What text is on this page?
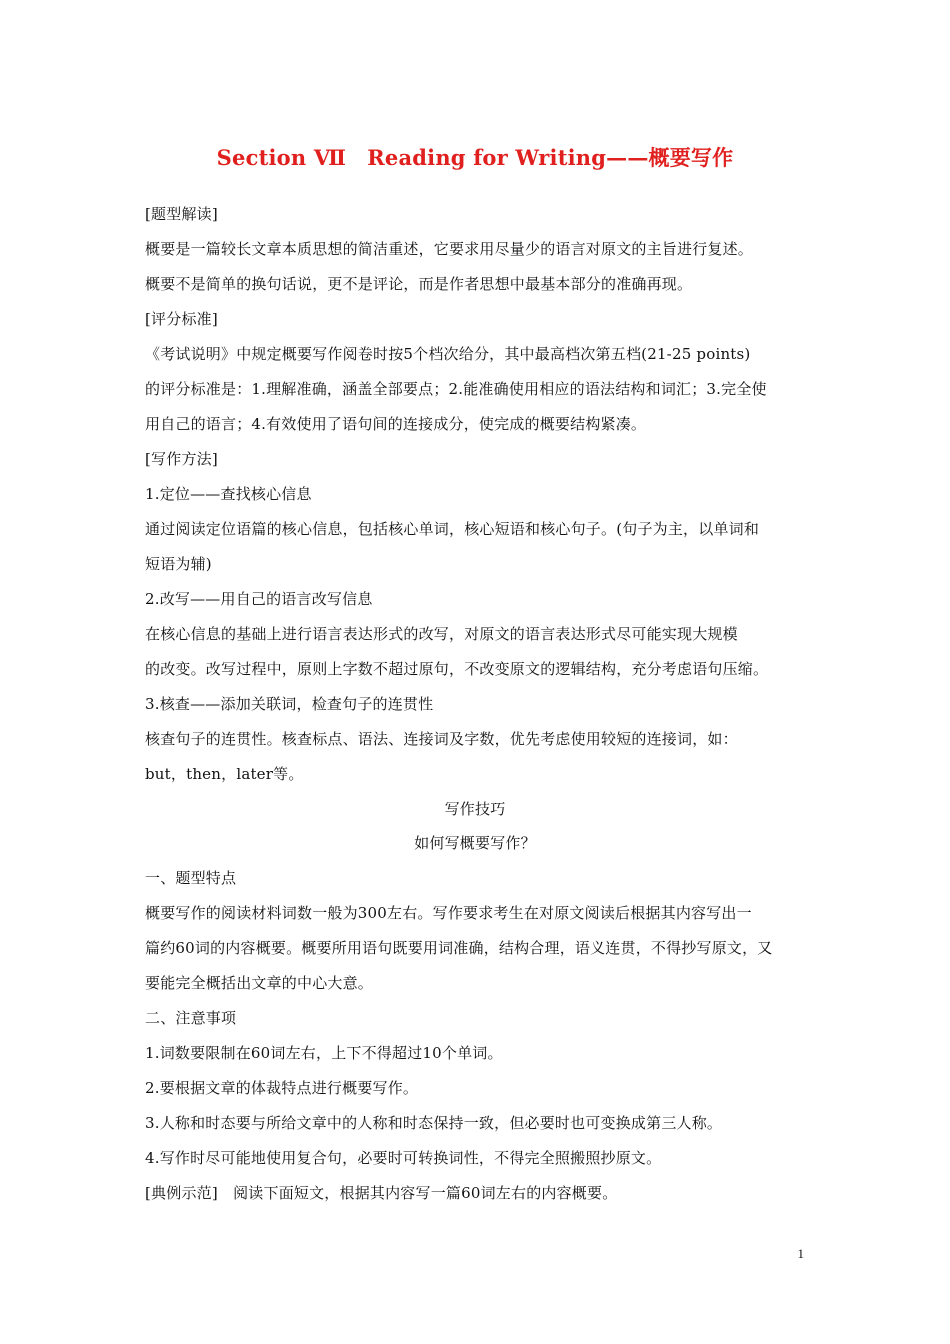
Section Ⅶ　Reading for Writing——概要写作
[题型解读]
概要是一篇较长文章本质思想的简洁重述，它要求用尽量少的语言对原文的主旨进行复述。
概要不是简单的换句话说，更不是评论，而是作者思想中最基本部分的准确再现。
[评分标准]
《考试说明》中规定概要写作阅卷时按5个档次给分，其中最高档次第五档(21-25 points)
的评分标准是：1.理解准确，涵盖全部要点；2.能准确使用相应的语法结构和词汇；3.完全使
用自己的语言；4.有效使用了语句间的连接成分，使完成的概要结构紧凑。
[写作方法]
1.定位——查找核心信息
通过阅读定位语篇的核心信息，包括核心单词，核心短语和核心句子。(句子为主，以单词和
短语为辅)
2.改写——用自己的语言改写信息
在核心信息的基础上进行语言表达形式的改写，对原文的语言表达形式尽可能实现大规模
的改变。改写过程中，原则上字数不超过原句，不改变原文的逻辑结构，充分考虑语句压缩。
3.核查——添加关联词，检查句子的连贯性
核查句子的连贯性。核查标点、语法、连接词及字数，优先考虑使用较短的连接词，如：
but，then，later等。
写作技巧
如何写概要写作？
一、题型特点
概要写作的阅读材料词数一般为300左右。写作要求考生在对原文阅读后根据其内容写出一
篇约60词的内容概要。概要所用语句既要用词准确，结构合理，语义连贯，不得抄写原文，又
要能完全概括出文章的中心大意。
二、注意事项
1.词数要限制在60词左右，上下不得超过10个单词。
2.要根据文章的体裁特点进行概要写作。
3.人称和时态要与所给文章中的人称和时态保持一致，但必要时也可变换成第三人称。
4.写作时尽可能地使用复合句，必要时可转换词性，不得完全照搬照抄原文。
[典例示范]　阅读下面短文，根据其内容写一篇60词左右的内容概要。
1
